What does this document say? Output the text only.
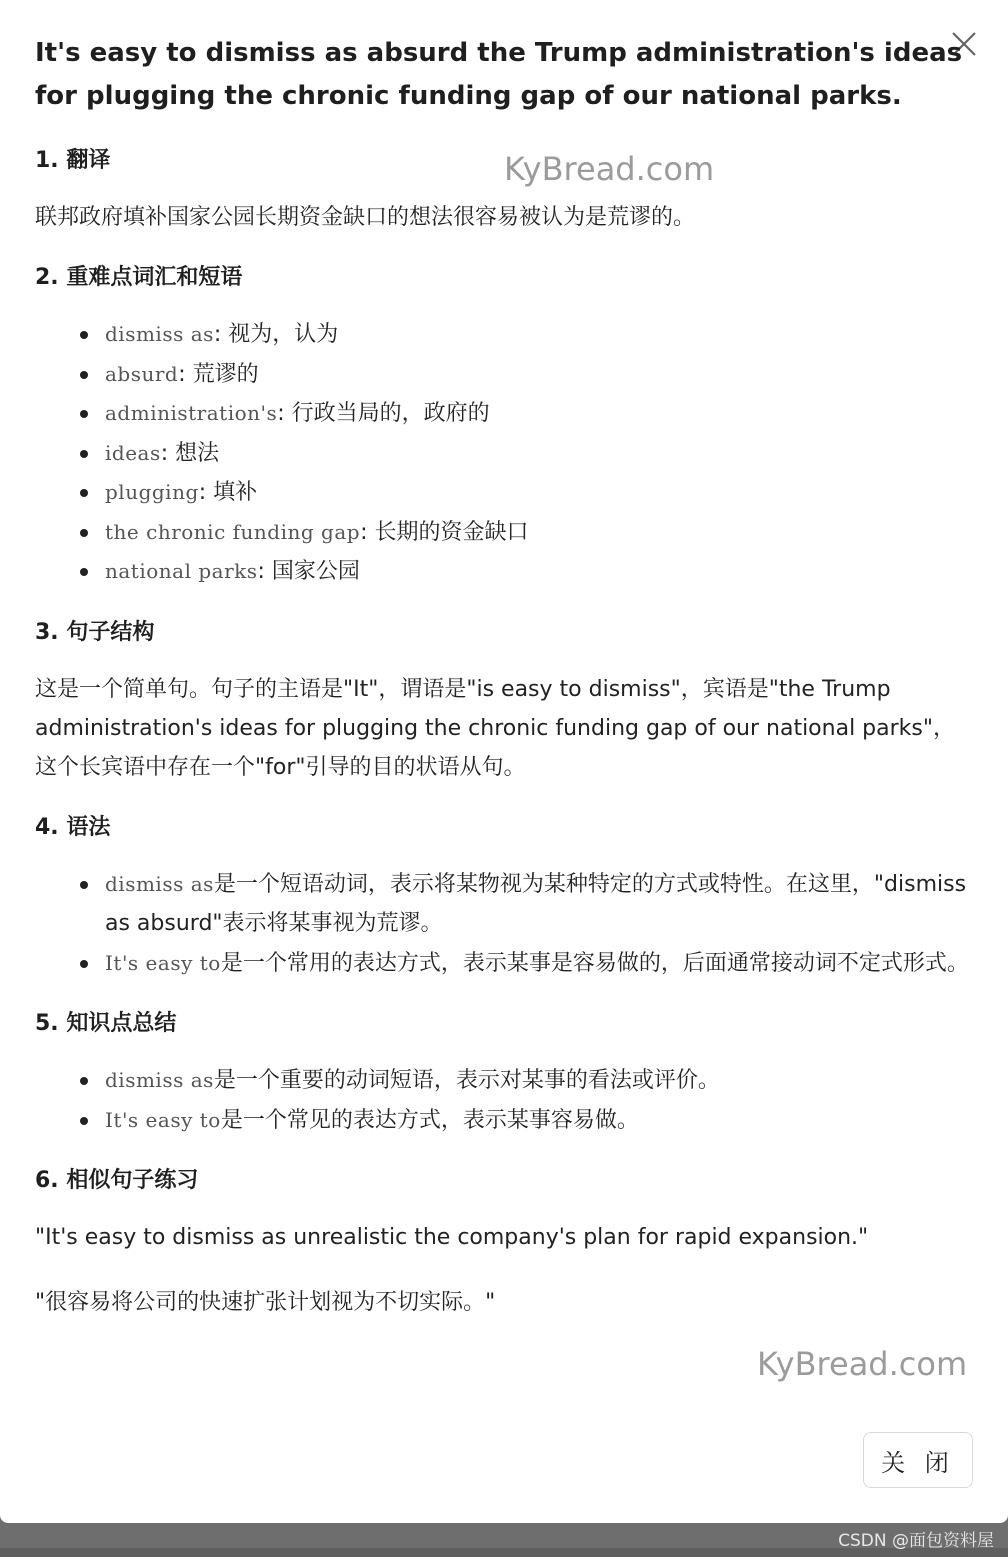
It's easy to dismiss as absurd the Trump administration's ideas for plugging the chronic funding gap of our national parks.
1. 翻译
联邦政府填补国家公园长期资金缺口的想法很容易被认为是荒谬的。
2. 重难点词汇和短语
dismiss as: 视为，认为
absurd: 荒谬的
administration's: 行政当局的，政府的
ideas: 想法
plugging: 填补
the chronic funding gap: 长期的资金缺口
national parks: 国家公园
3. 句子结构
这是一个简单句。句子的主语是"It"，谓语是"is easy to dismiss"，宾语是"the Trump administration's ideas for plugging the chronic funding gap of our national parks"，这个长宾语中存在一个"for"引导的目的状语从句。
4. 语法
dismiss as是一个短语动词，表示将某物视为某种特定的方式或特性。在这里，"dismiss as absurd"表示将某事视为荒谬。
It's easy to是一个常用的表达方式，表示某事是容易做的，后面通常接动词不定式形式。
5. 知识点总结
dismiss as是一个重要的动词短语，表示对某事的看法或评价。
It's easy to是一个常见的表达方式，表示某事容易做。
6. 相似句子练习
"It's easy to dismiss as unrealistic the company's plan for rapid expansion."
"很容易将公司的快速扩张计划视为不切实际。"
KyBread.com
KyBread.com
关 闭
CSDN @面包资料屋
